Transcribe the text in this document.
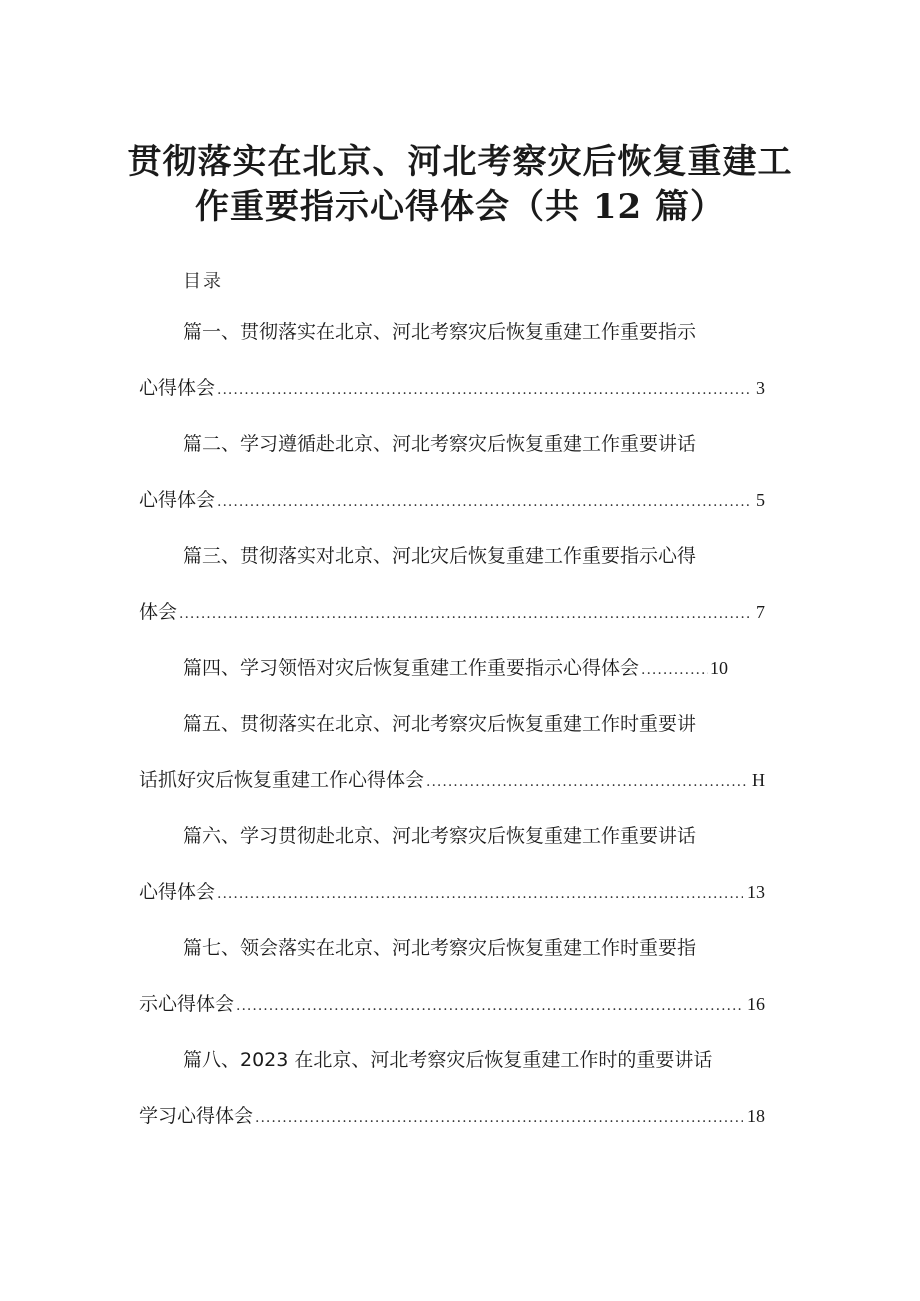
贯彻落实在北京、河北考察灾后恢复重建工
作重要指示心得体会（共 12 篇）
目录
篇一、贯彻落实在北京、河北考察灾后恢复重建工作重要指示
心得体会 .....	3
篇二、学习遵循赴北京、河北考察灾后恢复重建工作重要讲话
心得体会 .....	5
篇三、贯彻落实对北京、河北灾后恢复重建工作重要指示心得
体会 .....	7
篇四、学习领悟对灾后恢复重建工作重要指示心得体会 .....	10
篇五、贯彻落实在北京、河北考察灾后恢复重建工作时重要讲
话抓好灾后恢复重建工作心得体会 .....	H
篇六、学习贯彻赴北京、河北考察灾后恢复重建工作重要讲话
心得体会 .....	13
篇七、领会落实在北京、河北考察灾后恢复重建工作时重要指
示心得体会 .....	16
篇八、2023 在北京、河北考察灾后恢复重建工作时的重要讲话
学习心得体会 .....	18
